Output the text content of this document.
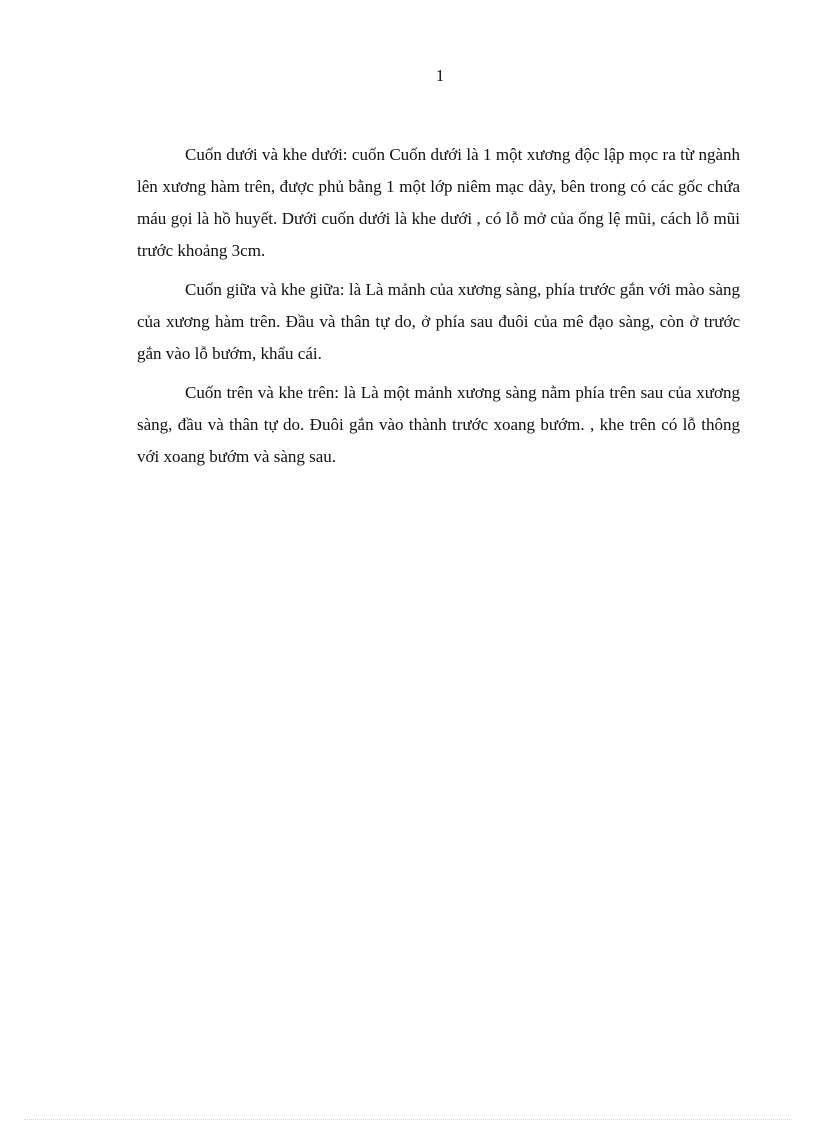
1

Cuốn dưới và khe dưới: cuốn Cuốn dưới là 1 một xương độc lập mọc ra từ ngành lên xương hàm trên, được phủ bằng 1 một lớp niêm mạc dày, bên trong có các gốc chứa máu gọi là hồ huyết. Dưới cuốn dưới là khe dưới , có lỗ mở của ống lệ mũi, cách lỗ mũi trước khoảng 3cm.

Cuốn giữa và khe giữa: là Là mảnh của xương sàng, phía trước gắn với mào sàng của xương hàm trên. Đầu và thân tự do, ở phía sau đuôi của mê đạo sàng, còn ở trước gắn vào lỗ bướm, khẩu cái.

Cuốn trên và khe trên: là Là một mảnh xương sàng nằm phía trên sau của xương sàng, đầu và thân tự do. Đuôi gắn vào thành trước xoang bướm. , khe trên có lỗ thông với xoang bướm và sàng sau.
